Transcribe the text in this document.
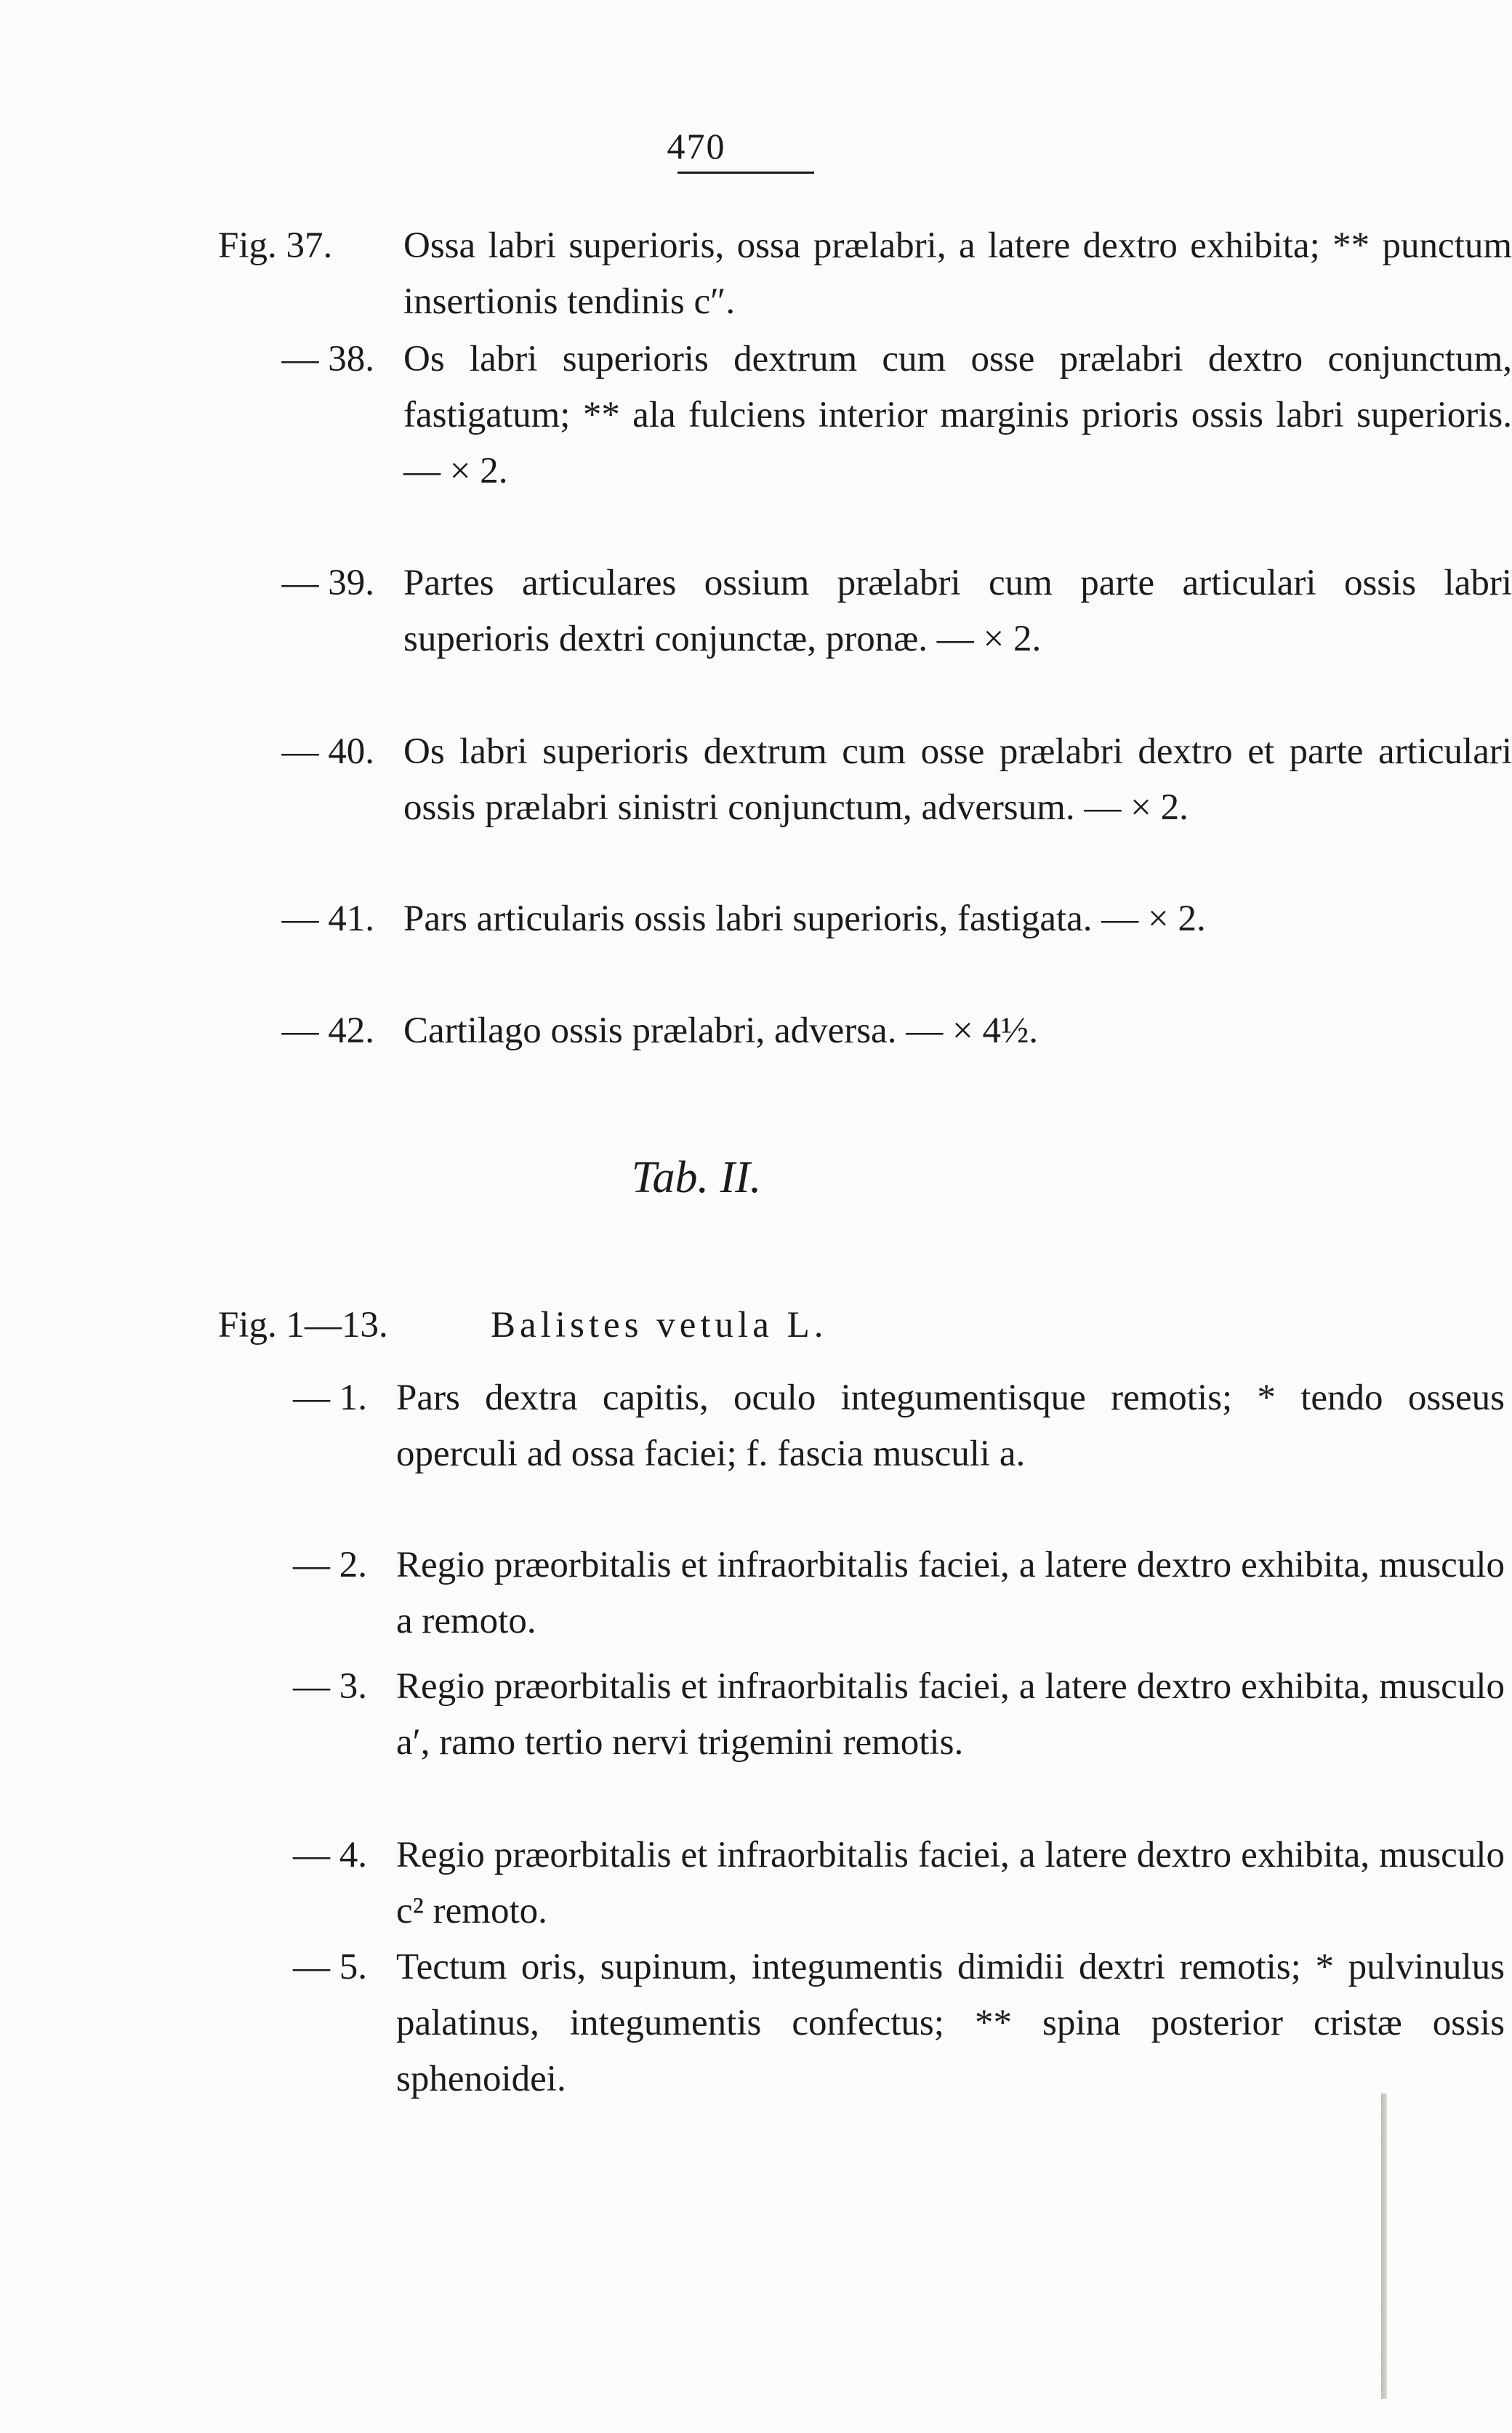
470
Fig. 37.	Ossa labri superioris, ossa prælabri, a latere dextro exhibita; ** punctum insertionis tendinis c″.
— 38. Os labri superioris dextrum cum osse prælabri dextro conjunctum, fastigatum; ** ala fulciens interior marginis prioris ossis labri superioris. — × 2.
— 39. Partes articulares ossium prælabri cum parte articulari ossis labri superioris dextri conjunctæ, pronæ. — × 2.
— 40. Os labri superioris dextrum cum osse prælabri dextro et parte articulari ossis prælabri sinistri conjunctum, adversum. — × 2.
— 41. Pars articularis ossis labri superioris, fastigata. — × 2.
— 42. Cartilago ossis prælabri, adversa. — × 4½.
Tab. II.
Fig. 1—13.	Balistes vetula L.
— 1. Pars dextra capitis, oculo integumentisque remotis; * tendo osseus operculi ad ossa faciei; f. fascia musculi a.
— 2. Regio præorbitalis et infraorbitalis faciei, a latere dextro exhibita, musculo a remoto.
— 3. Regio præorbitalis et infraorbitalis faciei, a latere dextro exhibita, musculo a′, ramo tertio nervi trigemini remotis.
— 4. Regio præorbitalis et infraorbitalis faciei, a latere dextro exhibita, musculo c² remoto.
— 5. Tectum oris, supinum, integumentis dimidii dextri remotis; * pulvinulus palatinus, integumentis confectus; ** spina posterior cristæ ossis sphenoidei.
